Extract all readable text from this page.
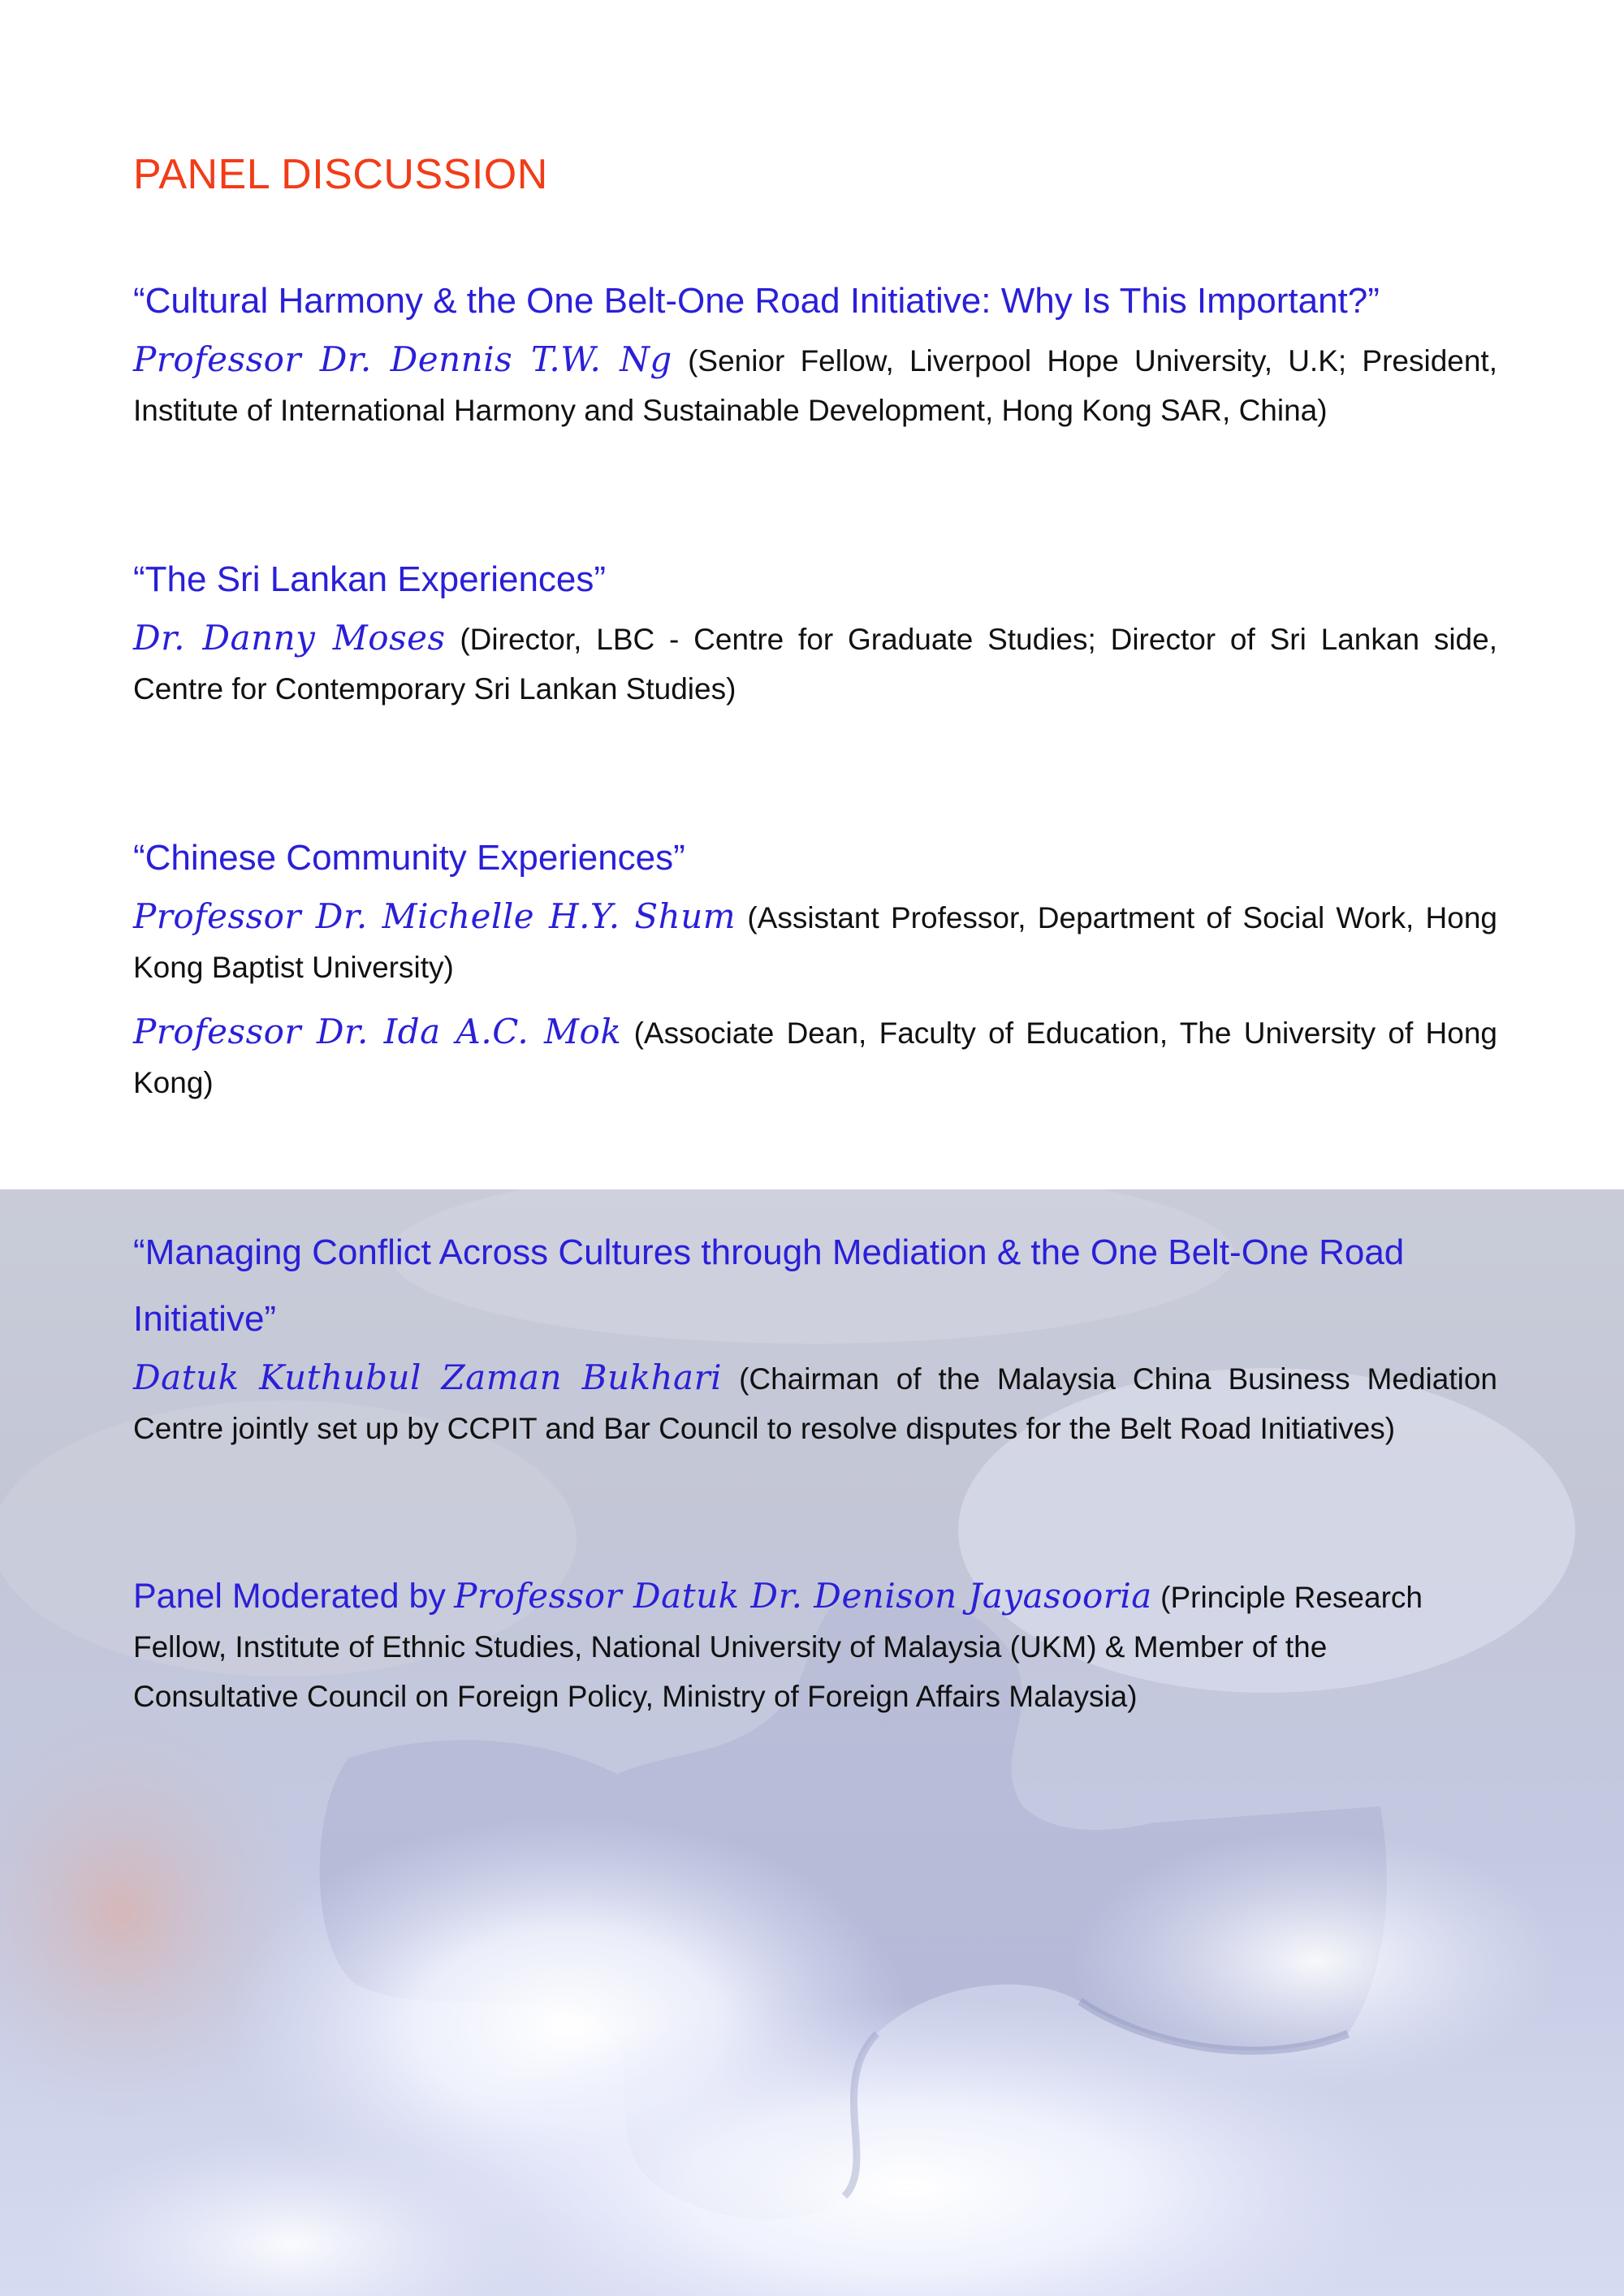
PANEL DISCUSSION

“Cultural Harmony & the One Belt-One Road Initiative: Why Is This Important?”

Professor Dr. Dennis T.W. Ng (Senior Fellow, Liverpool Hope University, U.K; President, Institute of International Harmony and Sustainable Development, Hong Kong SAR, China)

“The Sri Lankan Experiences”

Dr. Danny Moses (Director, LBC - Centre for Graduate Studies; Director of Sri Lankan side, Centre for Contemporary Sri Lankan Studies)

“Chinese Community Experiences”

Professor Dr. Michelle H.Y. Shum (Assistant Professor, Department of Social Work, Hong Kong Baptist University)

Professor Dr. Ida A.C. Mok (Associate Dean, Faculty of Education, The University of Hong Kong)

“Managing Conflict Across Cultures through Mediation & the One Belt-One Road Initiative”

Datuk Kuthubul Zaman Bukhari (Chairman of the Malaysia China Business Mediation Centre jointly set up by CCPIT and Bar Council to resolve disputes for the Belt Road Initiatives)

Panel Moderated by Professor Datuk Dr. Denison Jayasooria (Principle Research Fellow, Institute of Ethnic Studies, National University of Malaysia (UKM) & Member of the Consultative Council on Foreign Policy, Ministry of Foreign Affairs Malaysia)
